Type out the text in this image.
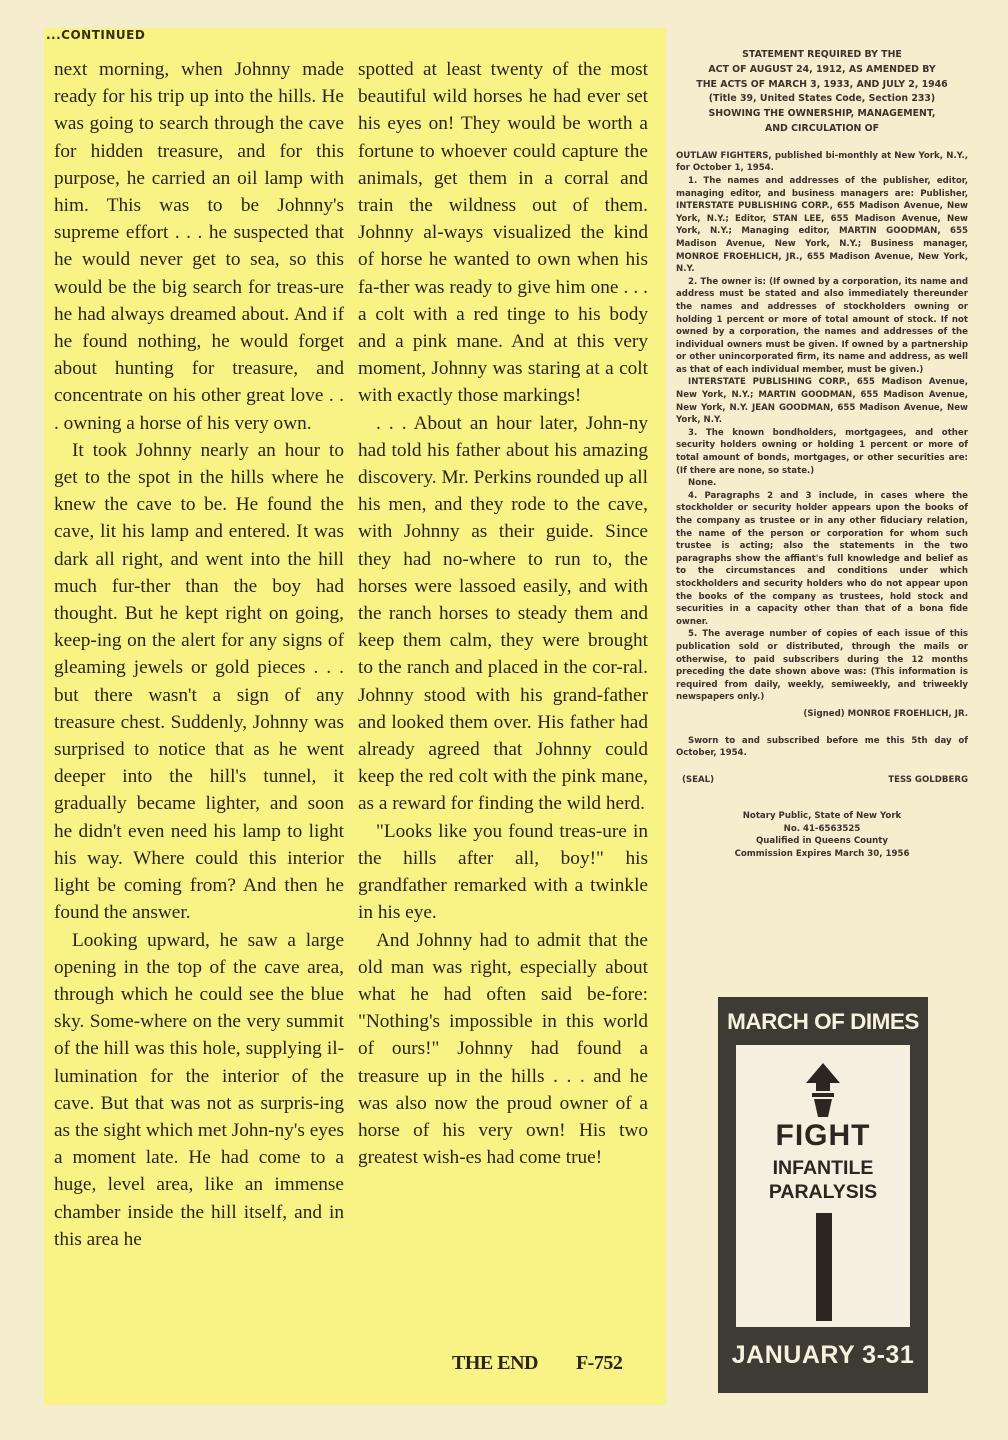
...CONTINUED

next morning, when Johnny made ready for his trip up into the hills. He was going to search through the cave for hidden treasure, and for this purpose, he carried an oil lamp with him. This was to be Johnny's supreme effort . . . he suspected that he would never get to sea, so this would be the big search for treas-ure he had always dreamed about. And if he found nothing, he would forget about hunting for treasure, and concentrate on his other great love . . . owning a horse of his very own.

It took Johnny nearly an hour to get to the spot in the hills where he knew the cave to be. He found the cave, lit his lamp and entered. It was dark all right, and went into the hill much fur-ther than the boy had thought. But he kept right on going, keep-ing on the alert for any signs of gleaming jewels or gold pieces . . . but there wasn't a sign of any treasure chest. Suddenly, Johnny was surprised to notice that as he went deeper into the hill's tunnel, it gradually became lighter, and soon he didn't even need his lamp to light his way. Where could this interior light be coming from? And then he found the answer.

Looking upward, he saw a large opening in the top of the cave area, through which he could see the blue sky. Some-where on the very summit of the hill was this hole, supplying il-lumination for the interior of the cave. But that was not as surpris-ing as the sight which met John-ny's eyes a moment late. He had come to a huge, level area, like an immense chamber inside the hill itself, and in this area he

spotted at least twenty of the most beautiful wild horses he had ever set his eyes on! They would be worth a fortune to whoever could capture the animals, get them in a corral and train the wildness out of them. Johnny al-ways visualized the kind of horse he wanted to own when his fa-ther was ready to give him one . . . a colt with a red tinge to his body and a pink mane. And at this very moment, Johnny was staring at a colt with exactly those markings!

. . . About an hour later, John-ny had told his father about his amazing discovery. Mr. Perkins rounded up all his men, and they rode to the cave, with Johnny as their guide. Since they had no-where to run to, the horses were lassoed easily, and with the ranch horses to steady them and keep them calm, they were brought to the ranch and placed in the cor-ral. Johnny stood with his grand-father and looked them over. His father had already agreed that Johnny could keep the red colt with the pink mane, as a reward for finding the wild herd.

"Looks like you found treas-ure in the hills after all, boy!" his grandfather remarked with a twinkle in his eye.

And Johnny had to admit that the old man was right, especially about what he had often said be-fore: "Nothing's impossible in this world of ours!" Johnny had found a treasure up in the hills . . . and he was also now the proud owner of a horse of his very own! His two greatest wish-es had come true!

THE END F-752
STATEMENT REQUIRED BY THE
ACT OF AUGUST 24, 1912, AS AMENDED BY
THE ACTS OF MARCH 3, 1933, AND JULY 2, 1946
(Title 39, United States Code, Section 233)
SHOWING THE OWNERSHIP, MANAGEMENT,
AND CIRCULATION OF

OUTLAW FIGHTERS, published bi-monthly at New York, N.Y., for October 1, 1954.

1. The names and addresses of the publisher, editor, managing editor, and business managers are: Publisher, INTERSTATE PUBLISHING CORP., 655 Madison Avenue, New York, N.Y.; Editor, STAN LEE, 655 Madison Avenue, New York, N.Y.; Managing editor, MARTIN GOODMAN, 655 Madison Avenue, New York, N.Y.; Business manager, MONROE FROEHLICH, JR., 655 Madison Avenue, New York, N.Y.

2. The owner is: (If owned by a corporation, its name and address must be stated and also immediately thereunder the names and addresses of stockholders owning or holding 1 percent or more of total amount of stock. If not owned by a corporation, the names and addresses of the individual owners must be given. If owned by a partnership or other unincorporated firm, its name and address, as well as that of each individual member, must be given.)

INTERSTATE PUBLISHING CORP., 655 Madison Avenue, New York, N.Y.; MARTIN GOODMAN, 655 Madison Avenue, New York, N.Y. JEAN GOODMAN, 655 Madison Avenue, New York, N.Y.

3. The known bondholders, mortgagees, and other security holders owning or holding 1 percent or more of total amount of bonds, mortgages, or other securities are: (If there are none, so state.)

None.

4. Paragraphs 2 and 3 include, in cases where the stockholder or security holder appears upon the books of the company as trustee or in any other fiduciary relation, the name of the person or corporation for whom such trustee is acting; also the statements in the two paragraphs show the affiant's full knowledge and belief as to the circumstances and conditions under which stockholders and security holders who do not appear upon the books of the company as trustees, hold stock and securities in a capacity other than that of a bona fide owner.

5. The average number of copies of each issue of this publication sold or distributed, through the mails or otherwise, to paid subscribers during the 12 months preceding the date shown above was: (This information is required from daily, weekly, semiweekly, and triweekly newspapers only.)

(Signed) MONROE FROEHLICH, JR.

Sworn to and subscribed before me this 5th day of October, 1954.

(SEAL)	TESS GOLDBERG
Notary Public, State of New York
No. 41-6563525
Qualified in Queens County
Commission Expires March 30, 1956
MARCH OF DIMES
FIGHT
INFANTILE
PARALYSIS
JANUARY 3-31
